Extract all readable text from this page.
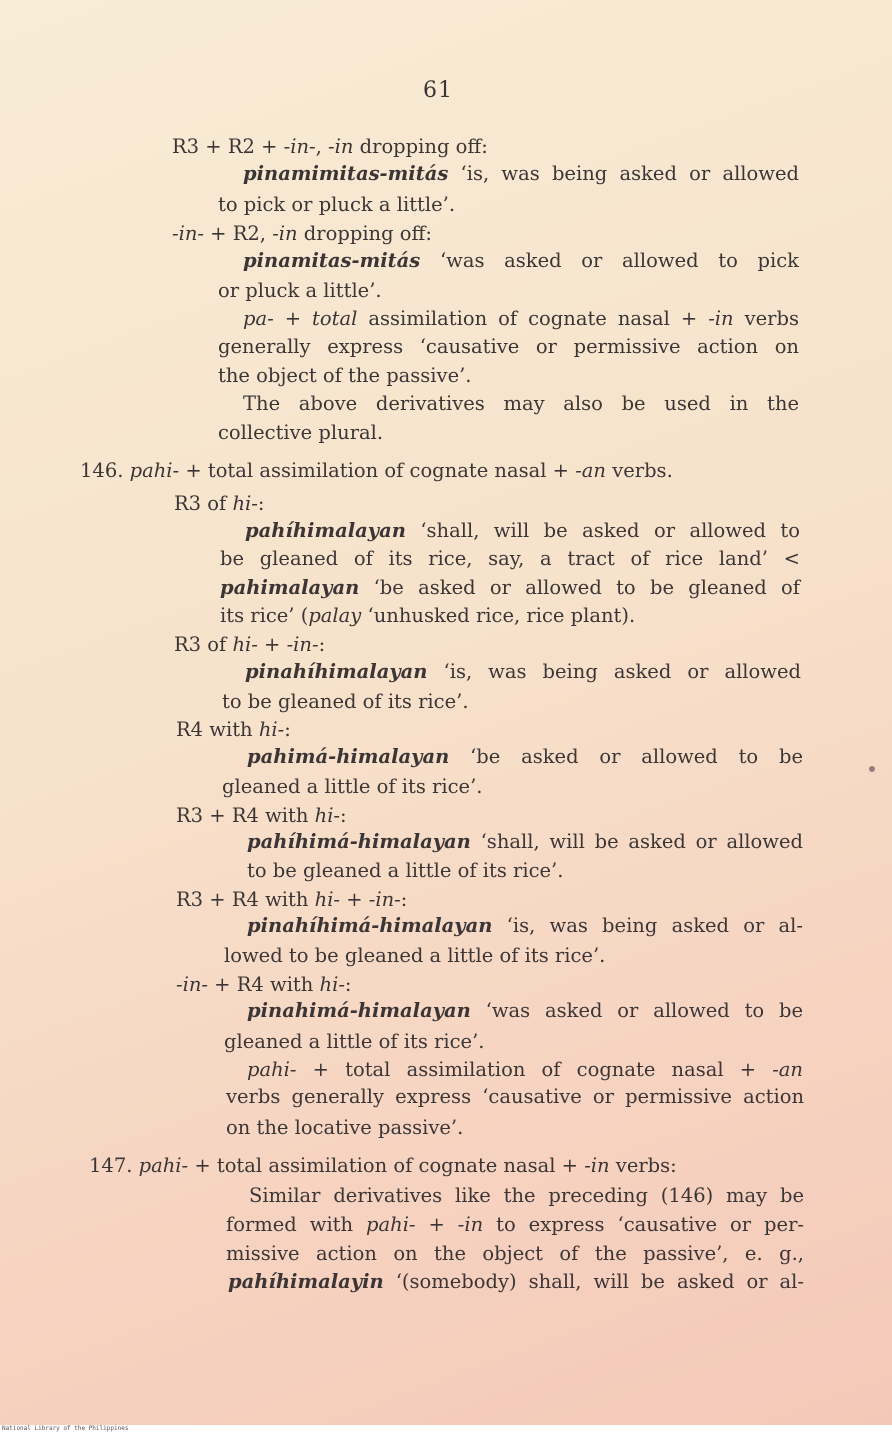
61
R3 + R2 + -in-, -in dropping off:
pinamimitas-mitás ‘is, was being asked or allowed
to pick or pluck a little’.
-in- + R2, -in dropping off:
pinamitas-mitás ‘was asked or allowed to pick
or pluck a little’.
pa- + total assimilation of cognate nasal + -in verbs
generally express ‘causative or permissive action on
the object of the passive’.
The above derivatives may also be used in the
collective plural.
146. pahi- + total assimilation of cognate nasal + -an verbs.
R3 of hi-:
pahíhimalayan ‘shall, will be asked or allowed to
be gleaned of its rice, say, a tract of rice land’ <
pahimalayan ‘be asked or allowed to be gleaned of
its rice’ (palay ‘unhusked rice, rice plant).
R3 of hi- + -in-:
pinahíhimalayan ‘is, was being asked or allowed
to be gleaned of its rice’.
R4 with hi-:
pahimá-himalayan ‘be asked or allowed to be
gleaned a little of its rice’.
R3 + R4 with hi-:
pahíhimá-himalayan ‘shall, will be asked or allowed
to be gleaned a little of its rice’.
R3 + R4 with hi- + -in-:
pinahíhimá-himalayan ‘is, was being asked or al-
lowed to be gleaned a little of its rice’.
-in- + R4 with hi-:
pinahimá-himalayan ‘was asked or allowed to be
gleaned a little of its rice’.
pahi- + total assimilation of cognate nasal + -an
verbs generally express ‘causative or permissive action
on the locative passive’.
147. pahi- + total assimilation of cognate nasal + -in verbs:
Similar derivatives like the preceding (146) may be
formed with pahi- + -in to express ‘causative or per-
missive action on the object of the passive’, e. g.,
pahíhimalayin ‘(somebody) shall, will be asked or al-
National Library of the Philippines
